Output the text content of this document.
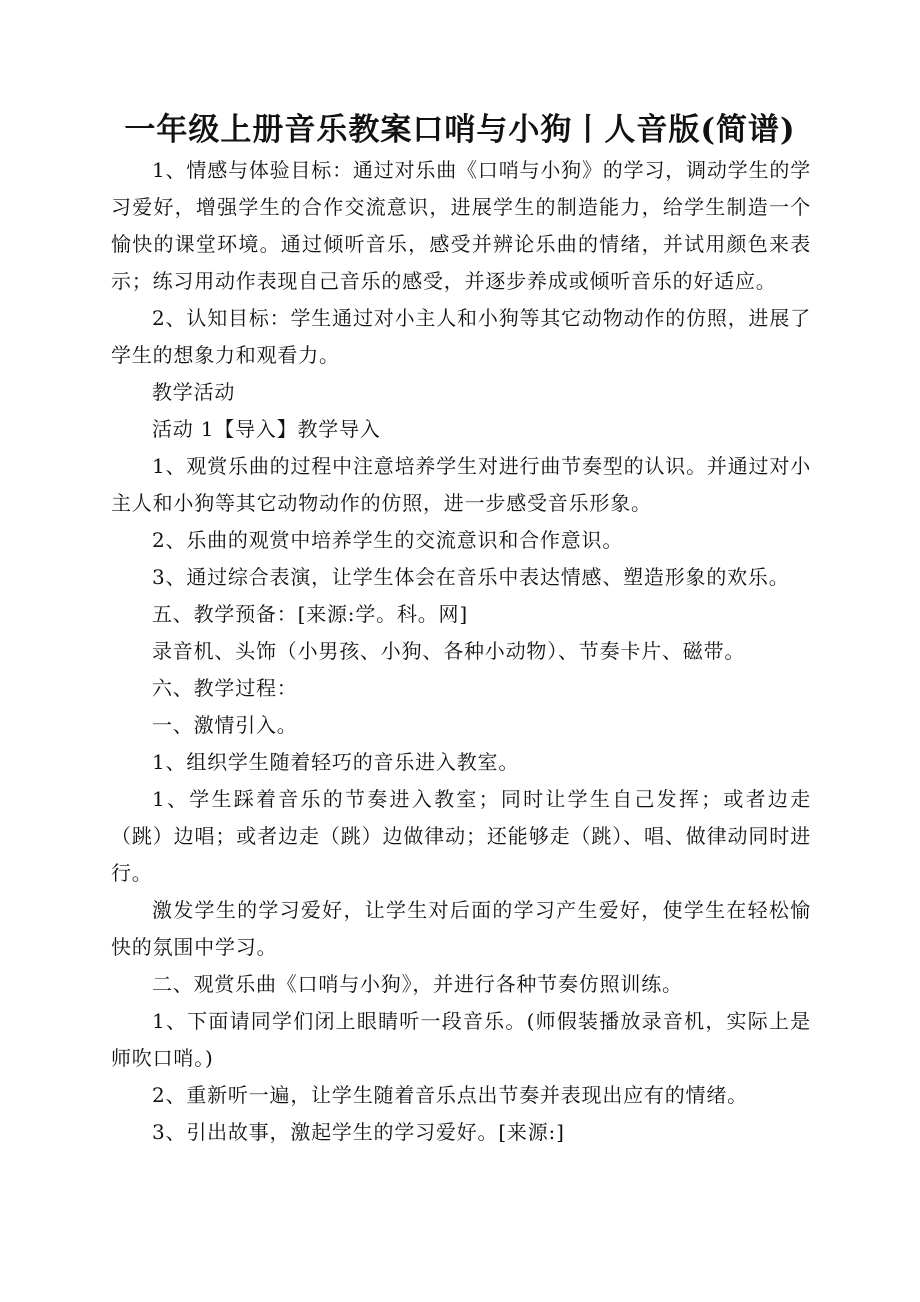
一年级上册音乐教案口哨与小狗丨人音版(简谱)

1、情感与体验目标：通过对乐曲《口哨与小狗》的学习，调动学生的学习爱好，增强学生的合作交流意识，进展学生的制造能力，给学生制造一个愉快的课堂环境。通过倾听音乐，感受并辨论乐曲的情绪，并试用颜色来表示；练习用动作表现自己音乐的感受，并逐步养成或倾听音乐的好适应。

2、认知目标：学生通过对小主人和小狗等其它动物动作的仿照，进展了学生的想象力和观看力。

教学活动

活动 1【导入】教学导入

1、观赏乐曲的过程中注意培养学生对进行曲节奏型的认识。并通过对小主人和小狗等其它动物动作的仿照，进一步感受音乐形象。

2、乐曲的观赏中培养学生的交流意识和合作意识。

3、通过综合表演，让学生体会在音乐中表达情感、塑造形象的欢乐。

五、教学预备：[来源:学。科。网]

录音机、头饰（小男孩、小狗、各种小动物）、节奏卡片、磁带。

六、教学过程：

一、激情引入。

1、组织学生随着轻巧的音乐进入教室。

1、学生踩着音乐的节奏进入教室；同时让学生自己发挥；或者边走（跳）边唱；或者边走（跳）边做律动；还能够走（跳）、唱、做律动同时进行。

激发学生的学习爱好，让学生对后面的学习产生爱好，使学生在轻松愉快的氛围中学习。

二、观赏乐曲《口哨与小狗》，并进行各种节奏仿照训练。

1、下面请同学们闭上眼睛听一段音乐。(师假装播放录音机，实际上是师吹口哨。)

2、重新听一遍，让学生随着音乐点出节奏并表现出应有的情绪。

3、引出故事，激起学生的学习爱好。[来源:]
